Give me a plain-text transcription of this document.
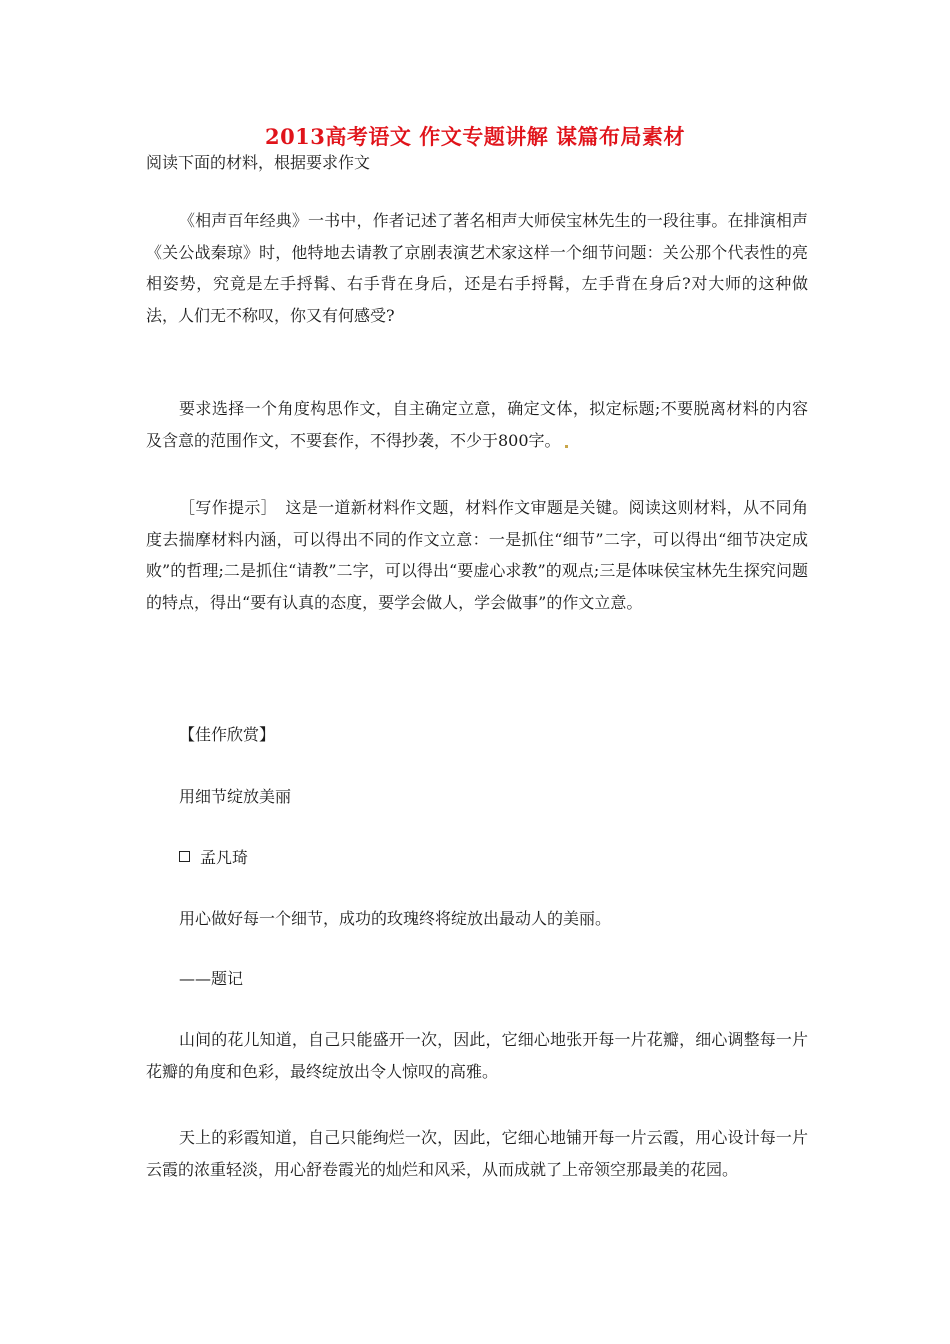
2013高考语文 作文专题讲解 谋篇布局素材
阅读下面的材料，根据要求作文

《相声百年经典》一书中，作者记述了著名相声大师侯宝林先生的一段往事。在排演相声《关公战秦琼》时，他特地去请教了京剧表演艺术家这样一个细节问题：关公那个代表性的亮相姿势，究竟是左手捋髯、右手背在身后，还是右手捋髯，左手背在身后?对大师的这种做法，人们无不称叹，你又有何感受?

要求选择一个角度构思作文，自主确定立意，确定文体，拟定标题;不要脱离材料的内容及含意的范围作文，不要套作，不得抄袭，不少于800字。

［写作提示］　这是一道新材料作文题，材料作文审题是关键。阅读这则材料，从不同角度去揣摩材料内涵，可以得出不同的作文立意：一是抓住“细节”二字，可以得出“细节决定成败”的哲理;二是抓住“请教”二字，可以得出“要虚心求教”的观点;三是体味侯宝林先生探究问题的特点，得出“要有认真的态度，要学会做人，学会做事”的作文立意。

【佳作欣赏】
用细节绽放美丽
孟凡琦
用心做好每一个细节，成功的玫瑰终将绽放出最动人的美丽。
——题记

山间的花儿知道，自己只能盛开一次，因此，它细心地张开每一片花瓣，细心调整每一片花瓣的角度和色彩，最终绽放出令人惊叹的高雅。

天上的彩霞知道，自己只能绚烂一次，因此，它细心地铺开每一片云霞，用心设计每一片云霞的浓重轻淡，用心舒卷霞光的灿烂和风采，从而成就了上帝领空那最美的花园。
